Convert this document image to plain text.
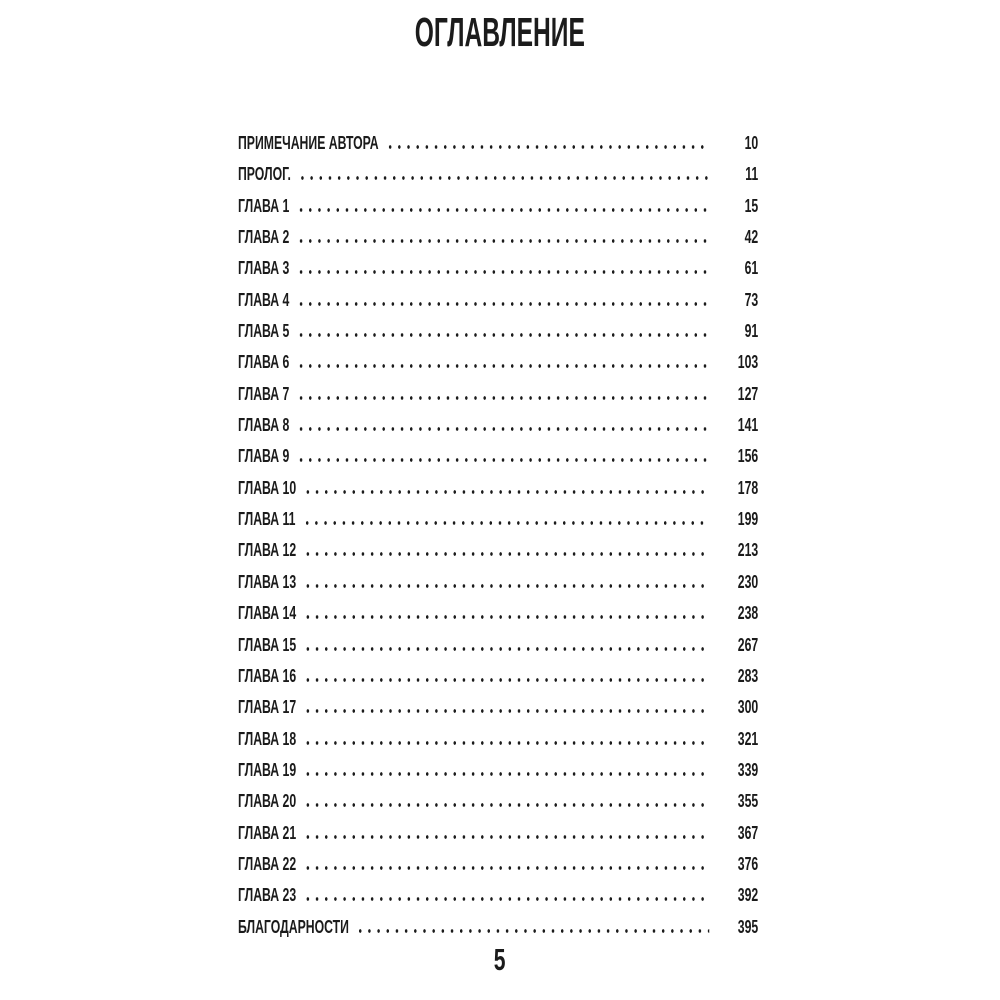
ОГЛАВЛЕНИЕ
ПРИМЕЧАНИЕ АВТОРА	10
ПРОЛОГ.	11
ГЛАВА 1	15
ГЛАВА 2	42
ГЛАВА 3	61
ГЛАВА 4	73
ГЛАВА 5	91
ГЛАВА 6	103
ГЛАВА 7	127
ГЛАВА 8	141
ГЛАВА 9	156
ГЛАВА 10	178
ГЛАВА 11	199
ГЛАВА 12	213
ГЛАВА 13	230
ГЛАВА 14	238
ГЛАВА 15	267
ГЛАВА 16	283
ГЛАВА 17	300
ГЛАВА 18	321
ГЛАВА 19	339
ГЛАВА 20	355
ГЛАВА 21	367
ГЛАВА 22	376
ГЛАВА 23	392
БЛАГОДАРНОСТИ	395
5
